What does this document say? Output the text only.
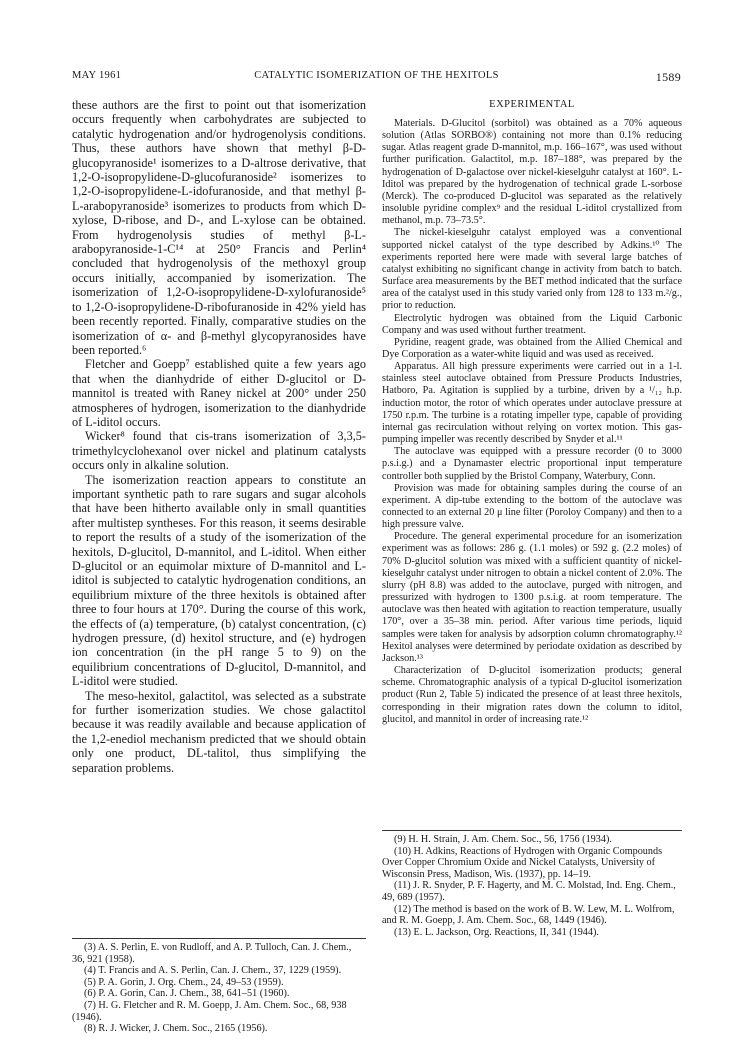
MAY 1961	CATALYTIC ISOMERIZATION OF THE HEXITOLS	1589

these authors are the first to point out that isomerization occurs frequently when carbohydrates are subjected to catalytic hydrogenation and/or hydrogenolysis conditions. Thus, these authors have shown that methyl β-D-glucopyranoside¹ isomerizes to a D-altrose derivative, that 1,2-O-isopropylidene-D-glucofuranoside² isomerizes to 1,2-O-isopropylidene-L-idofuranoside, and that methyl β-L-arabopyranoside³ isomerizes to products from which D-xylose, D-ribose, and D-, and L-xylose can be obtained. From hydrogenolysis studies of methyl β-L-arabopyranoside-1-C¹⁴ at 250° Francis and Perlin⁴ concluded that hydrogenolysis of the methoxyl group occurs initially, accompanied by isomerization. The isomerization of 1,2-O-isopropylidene-D-xylofuranoside⁵ to 1,2-O-isopropylidene-D-ribofuranoside in 42% yield has been recently reported. Finally, comparative studies on the isomerization of α- and β-methyl glycopyranosides have been reported.⁶

Fletcher and Goepp⁷ established quite a few years ago that when the dianhydride of either D-glucitol or D-mannitol is treated with Raney nickel at 200° under 250 atmospheres of hydrogen, isomerization to the dianhydride of L-iditol occurs.

Wicker⁸ found that cis-trans isomerization of 3,3,5-trimethylcyclohexanol over nickel and platinum catalysts occurs only in alkaline solution.

The isomerization reaction appears to constitute an important synthetic path to rare sugars and sugar alcohols that have been hitherto available only in small quantities after multistep syntheses. For this reason, it seems desirable to report the results of a study of the isomerization of the hexitols, D-glucitol, D-mannitol, and L-iditol. When either D-glucitol or an equimolar mixture of D-mannitol and L-iditol is subjected to catalytic hydrogenation conditions, an equilibrium mixture of the three hexitols is obtained after three to four hours at 170°. During the course of this work, the effects of (a) temperature, (b) catalyst concentration, (c) hydrogen pressure, (d) hexitol structure, and (e) hydrogen ion concentration (in the pH range 5 to 9) on the equilibrium concentrations of D-glucitol, D-mannitol, and L-iditol were studied.

The meso-hexitol, galactitol, was selected as a substrate for further isomerization studies. We chose galactitol because it was readily available and because application of the 1,2-enediol mechanism predicted that we should obtain only one product, DL-talitol, thus simplifying the separation problems.

(3) A. S. Perlin, E. von Rudloff, and A. P. Tulloch, Can. J. Chem., 36, 921 (1958).

(4) T. Francis and A. S. Perlin, Can. J. Chem., 37, 1229 (1959).

(5) P. A. Gorin, J. Org. Chem., 24, 49–53 (1959).

(6) P. A. Gorin, Can. J. Chem., 38, 641–51 (1960).

(7) H. G. Fletcher and R. M. Goepp, J. Am. Chem. Soc., 68, 938 (1946).

(8) R. J. Wicker, J. Chem. Soc., 2165 (1956).

EXPERIMENTAL

Materials. D-Glucitol (sorbitol) was obtained as a 70% aqueous solution (Atlas SORBO®) containing not more than 0.1% reducing sugar. Atlas reagent grade D-mannitol, m.p. 166–167°, was used without further purification. Galactitol, m.p. 187–188°, was prepared by the hydrogenation of D-galactose over nickel-kieselguhr catalyst at 160°. L-Iditol was prepared by the hydrogenation of technical grade L-sorbose (Merck). The co-produced D-glucitol was separated as the relatively insoluble pyridine complex⁹ and the residual L-iditol crystallized from methanol, m.p. 73–73.5°.

The nickel-kieselguhr catalyst employed was a conventional supported nickel catalyst of the type described by Adkins.¹⁰ The experiments reported here were made with several large batches of catalyst exhibiting no significant change in activity from batch to batch. Surface area measurements by the BET method indicated that the surface area of the catalyst used in this study varied only from 128 to 133 m.²/g., prior to reduction.

Electrolytic hydrogen was obtained from the Liquid Carbonic Company and was used without further treatment.

Pyridine, reagent grade, was obtained from the Allied Chemical and Dye Corporation as a water-white liquid and was used as received.

Apparatus. All high pressure experiments were carried out in a 1-l. stainless steel autoclave obtained from Pressure Products Industries, Hatboro, Pa. Agitation is supplied by a turbine, driven by a ¹/₁₂ h.p. induction motor, the rotor of which operates under autoclave pressure at 1750 r.p.m. The turbine is a rotating impeller type, capable of providing internal gas recirculation without relying on vortex motion. This gas-pumping impeller was recently described by Snyder et al.¹¹

The autoclave was equipped with a pressure recorder (0 to 3000 p.s.i.g.) and a Dynamaster electric proportional input temperature controller both supplied by the Bristol Company, Waterbury, Conn.

Provision was made for obtaining samples during the course of an experiment. A dip-tube extending to the bottom of the autoclave was connected to an external 20 μ line filter (Poroloy Company) and then to a high pressure valve.

Procedure. The general experimental procedure for an isomerization experiment was as follows: 286 g. (1.1 moles) or 592 g. (2.2 moles) of 70% D-glucitol solution was mixed with a sufficient quantity of nickel-kieselguhr catalyst under nitrogen to obtain a nickel content of 2.0%. The slurry (pH 8.8) was added to the autoclave, purged with nitrogen, and pressurized with hydrogen to 1300 p.s.i.g. at room temperature. The autoclave was then heated with agitation to reaction temperature, usually 170°, over a 35–38 min. period. After various time periods, liquid samples were taken for analysis by adsorption column chromatography.¹² Hexitol analyses were determined by periodate oxidation as described by Jackson.¹³

Characterization of D-glucitol isomerization products; general scheme. Chromatographic analysis of a typical D-glucitol isomerization product (Run 2, Table 5) indicated the presence of at least three hexitols, corresponding in their migration rates down the column to iditol, glucitol, and mannitol in order of increasing rate.¹²

(9) H. H. Strain, J. Am. Chem. Soc., 56, 1756 (1934).

(10) H. Adkins, Reactions of Hydrogen with Organic Compounds Over Copper Chromium Oxide and Nickel Catalysts, University of Wisconsin Press, Madison, Wis. (1937), pp. 14–19.

(11) J. R. Snyder, P. F. Hagerty, and M. C. Molstad, Ind. Eng. Chem., 49, 689 (1957).

(12) The method is based on the work of B. W. Lew, M. L. Wolfrom, and R. M. Goepp, J. Am. Chem. Soc., 68, 1449 (1946).

(13) E. L. Jackson, Org. Reactions, II, 341 (1944).
